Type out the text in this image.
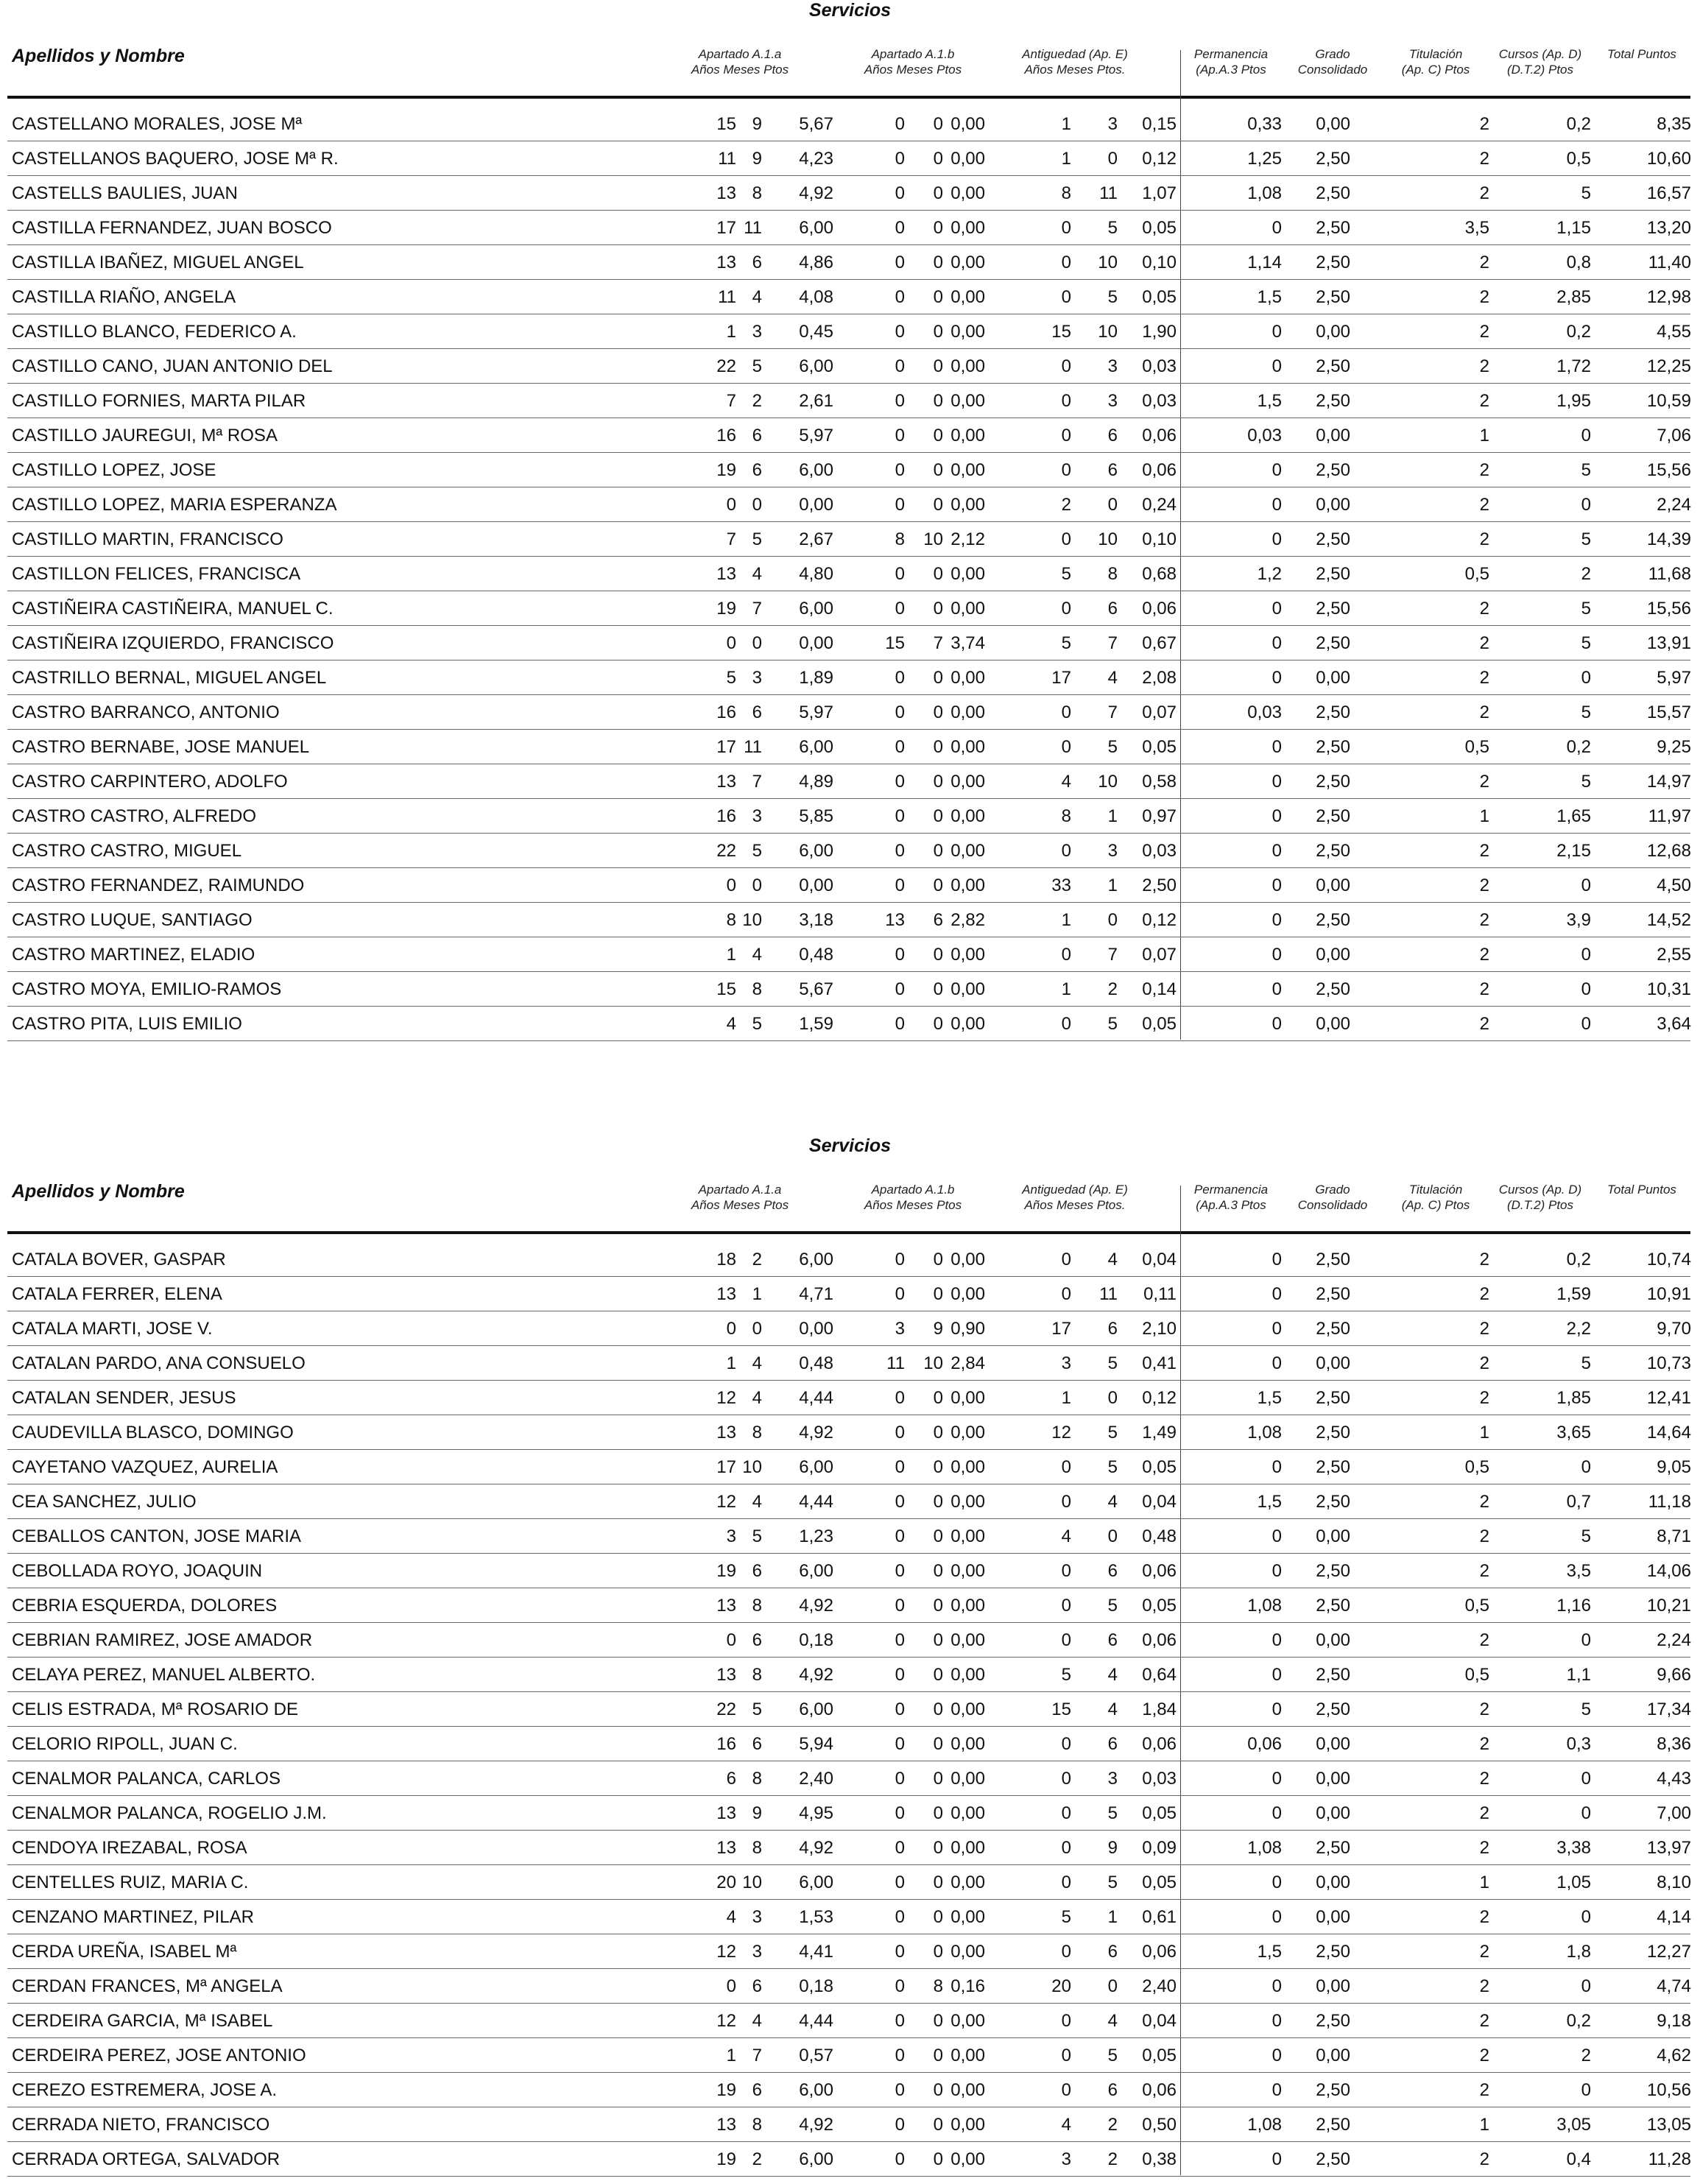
Servicios
Apellidos y Nombre	Apartado A.1.a
Años Meses Ptos
Apartado A.1.b
Años Meses Ptos
Antiguedad (Ap. E)
Años Meses Ptos.
Permanencia
(Ap.A.3 Ptos
Grado
Consolidado
Titulación
(Ap. C) Ptos
Cursos (Ap. D)
(D.T.2) Ptos
Total Puntos
CASTELLANO MORALES, JOSE Mª	15 9	5,67	0	0 0,00	1	3	0,15	0,33	0,00	2	0,2	8,35
CASTELLANOS BAQUERO, JOSE Mª R.	11 9	4,23	0	0 0,00	1	0	0,12	1,25	2,50	2	0,5	10,60
CASTELLS BAULIES, JUAN	13 8	4,92	0	0 0,00	8	11	1,07	1,08	2,50	2	5	16,57
CASTILLA FERNANDEZ, JUAN BOSCO	17 11	6,00	0	0 0,00	0	5	0,05	0	2,50	3,5	1,15	13,20
CASTILLA IBAÑEZ, MIGUEL ANGEL	13 6	4,86	0	0 0,00	0	10	0,10	1,14	2,50	2	0,8	11,40
CASTILLA RIAÑO, ANGELA	11 4	4,08	0	0 0,00	0	5	0,05	1,5	2,50	2	2,85	12,98
CASTILLO BLANCO, FEDERICO A.	1 3	0,45	0	0 0,00	15	10	1,90	0	0,00	2	0,2	4,55
CASTILLO CANO, JUAN ANTONIO DEL	22 5	6,00	0	0 0,00	0	3	0,03	0	2,50	2	1,72	12,25
CASTILLO FORNIES, MARTA PILAR	7 2	2,61	0	0 0,00	0	3	0,03	1,5	2,50	2	1,95	10,59
CASTILLO JAUREGUI, Mª ROSA	16 6	5,97	0	0 0,00	0	6	0,06	0,03	0,00	1	0	7,06
CASTILLO LOPEZ, JOSE	19 6	6,00	0	0 0,00	0	6	0,06	0	2,50	2	5	15,56
CASTILLO LOPEZ, MARIA ESPERANZA	0 0	0,00	0	0 0,00	2	0	0,24	0	0,00	2	0	2,24
CASTILLO MARTIN, FRANCISCO	7 5	2,67	8	10 2,12	0	10	0,10	0	2,50	2	5	14,39
CASTILLON FELICES, FRANCISCA	13 4	4,80	0	0 0,00	5	8	0,68	1,2	2,50	0,5	2	11,68
CASTIÑEIRA CASTIÑEIRA, MANUEL C.	19 7	6,00	0	0 0,00	0	6	0,06	0	2,50	2	5	15,56
CASTIÑEIRA IZQUIERDO, FRANCISCO	0 0	0,00	15	7 3,74	5	7	0,67	0	2,50	2	5	13,91
CASTRILLO BERNAL, MIGUEL ANGEL	5 3	1,89	0	0 0,00	17	4	2,08	0	0,00	2	0	5,97
CASTRO BARRANCO, ANTONIO	16 6	5,97	0	0 0,00	0	7	0,07	0,03	2,50	2	5	15,57
CASTRO BERNABE, JOSE MANUEL	17 11	6,00	0	0 0,00	0	5	0,05	0	2,50	0,5	0,2	9,25
CASTRO CARPINTERO, ADOLFO	13 7	4,89	0	0 0,00	4	10	0,58	0	2,50	2	5	14,97
CASTRO CASTRO, ALFREDO	16 3	5,85	0	0 0,00	8	1	0,97	0	2,50	1	1,65	11,97
CASTRO CASTRO, MIGUEL	22 5	6,00	0	0 0,00	0	3	0,03	0	2,50	2	2,15	12,68
CASTRO FERNANDEZ, RAIMUNDO	0 0	0,00	0	0 0,00	33	1	2,50	0	0,00	2	0	4,50
CASTRO LUQUE, SANTIAGO	8 10	3,18	13	6 2,82	1	0	0,12	0	2,50	2	3,9	14,52
CASTRO MARTINEZ, ELADIO	1 4	0,48	0	0 0,00	0	7	0,07	0	0,00	2	0	2,55
CASTRO MOYA, EMILIO-RAMOS	15 8	5,67	0	0 0,00	1	2	0,14	0	2,50	2	0	10,31
CASTRO PITA, LUIS EMILIO	4 5	1,59	0	0 0,00	0	5	0,05	0	0,00	2	0	3,64
Servicios
Apellidos y Nombre	Apartado A.1.a
Años Meses Ptos
Apartado A.1.b
Años Meses Ptos
Antiguedad (Ap. E)
Años Meses Ptos.
Permanencia
(Ap.A.3 Ptos
Grado
Consolidado
Titulación
(Ap. C) Ptos
Cursos (Ap. D)
(D.T.2) Ptos
Total Puntos
CATALA BOVER, GASPAR	18 2	6,00	0	0 0,00	0	4	0,04	0	2,50	2	0,2	10,74
CATALA FERRER, ELENA	13 1	4,71	0	0 0,00	0	11	0,11	0	2,50	2	1,59	10,91
CATALA MARTI, JOSE V.	0 0	0,00	3	9 0,90	17	6	2,10	0	2,50	2	2,2	9,70
CATALAN PARDO, ANA CONSUELO	1 4	0,48	11	10 2,84	3	5	0,41	0	0,00	2	5	10,73
CATALAN SENDER, JESUS	12 4	4,44	0	0 0,00	1	0	0,12	1,5	2,50	2	1,85	12,41
CAUDEVILLA BLASCO, DOMINGO	13 8	4,92	0	0 0,00	12	5	1,49	1,08	2,50	1	3,65	14,64
CAYETANO VAZQUEZ, AURELIA	17 10	6,00	0	0 0,00	0	5	0,05	0	2,50	0,5	0	9,05
CEA SANCHEZ, JULIO	12 4	4,44	0	0 0,00	0	4	0,04	1,5	2,50	2	0,7	11,18
CEBALLOS CANTON, JOSE MARIA	3 5	1,23	0	0 0,00	4	0	0,48	0	0,00	2	5	8,71
CEBOLLADA ROYO, JOAQUIN	19 6	6,00	0	0 0,00	0	6	0,06	0	2,50	2	3,5	14,06
CEBRIA ESQUERDA, DOLORES	13 8	4,92	0	0 0,00	0	5	0,05	1,08	2,50	0,5	1,16	10,21
CEBRIAN RAMIREZ, JOSE AMADOR	0 6	0,18	0	0 0,00	0	6	0,06	0	0,00	2	0	2,24
CELAYA PEREZ, MANUEL ALBERTO.	13 8	4,92	0	0 0,00	5	4	0,64	0	2,50	0,5	1,1	9,66
CELIS ESTRADA, Mª ROSARIO DE	22 5	6,00	0	0 0,00	15	4	1,84	0	2,50	2	5	17,34
CELORIO RIPOLL, JUAN C.	16 6	5,94	0	0 0,00	0	6	0,06	0,06	0,00	2	0,3	8,36
CENALMOR PALANCA, CARLOS	6 8	2,40	0	0 0,00	0	3	0,03	0	0,00	2	0	4,43
CENALMOR PALANCA, ROGELIO J.M.	13 9	4,95	0	0 0,00	0	5	0,05	0	0,00	2	0	7,00
CENDOYA IREZABAL, ROSA	13 8	4,92	0	0 0,00	0	9	0,09	1,08	2,50	2	3,38	13,97
CENTELLES RUIZ, MARIA C.	20 10	6,00	0	0 0,00	0	5	0,05	0	0,00	1	1,05	8,10
CENZANO MARTINEZ, PILAR	4 3	1,53	0	0 0,00	5	1	0,61	0	0,00	2	0	4,14
CERDA UREÑA, ISABEL Mª	12 3	4,41	0	0 0,00	0	6	0,06	1,5	2,50	2	1,8	12,27
CERDAN FRANCES, Mª ANGELA	0 6	0,18	0	8 0,16	20	0	2,40	0	0,00	2	0	4,74
CERDEIRA GARCIA, Mª ISABEL	12 4	4,44	0	0 0,00	0	4	0,04	0	2,50	2	0,2	9,18
CERDEIRA PEREZ, JOSE ANTONIO	1 7	0,57	0	0 0,00	0	5	0,05	0	0,00	2	2	4,62
CEREZO ESTREMERA, JOSE A.	19 6	6,00	0	0 0,00	0	6	0,06	0	2,50	2	0	10,56
CERRADA NIETO, FRANCISCO	13 8	4,92	0	0 0,00	4	2	0,50	1,08	2,50	1	3,05	13,05
CERRADA ORTEGA, SALVADOR	19 2	6,00	0	0 0,00	3	2	0,38	0	2,50	2	0,4	11,28
